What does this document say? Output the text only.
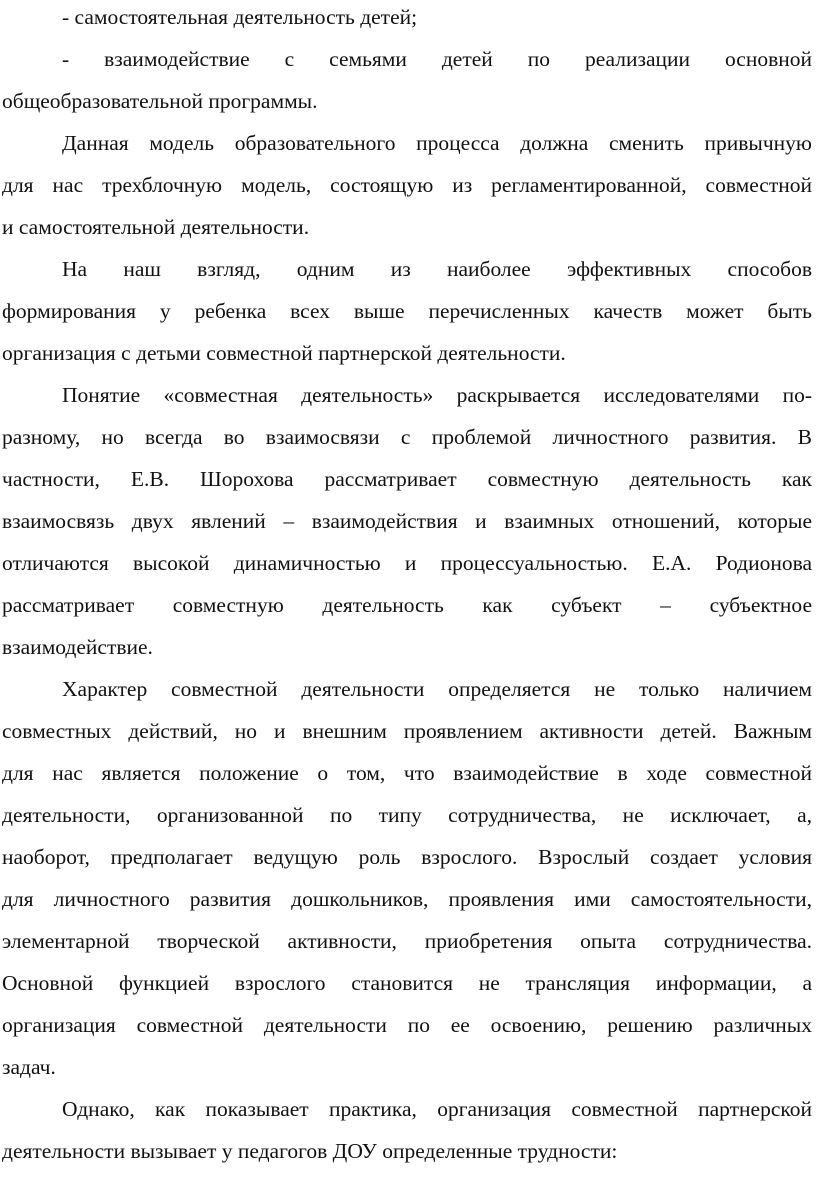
- самостоятельная деятельность детей;
- взаимодействие с семьями детей по реализации основной
общеобразовательной программы.
Данная модель образовательного процесса должна сменить привычную
для нас трехблочную модель, состоящую из регламентированной, совместной
и самостоятельной деятельности.
На наш взгляд, одним из наиболее эффективных способов
формирования у ребенка всех выше перечисленных качеств может быть
организация с детьми совместной партнерской деятельности.
Понятие «совместная деятельность» раскрывается исследователями по-
разному, но всегда во взаимосвязи с проблемой личностного развития. В
частности, Е.В. Шорохова рассматривает совместную деятельность как
взаимосвязь двух явлений – взаимодействия и взаимных отношений, которые
отличаются высокой динамичностью и процессуальностью. Е.А. Родионова
рассматривает совместную деятельность как субъект – субъектное
взаимодействие.
Характер совместной деятельности определяется не только наличием
совместных действий, но и внешним проявлением активности детей. Важным
для нас является положение о том, что взаимодействие в ходе совместной
деятельности, организованной по типу сотрудничества, не исключает, а,
наоборот, предполагает ведущую роль взрослого. Взрослый создает условия
для личностного развития дошкольников, проявления ими самостоятельности,
элементарной творческой активности, приобретения опыта сотрудничества.
Основной функцией взрослого становится не трансляция информации, а
организация совместной деятельности по ее освоению, решению различных
задач.
Однако, как показывает практика, организация совместной партнерской
деятельности вызывает у педагогов ДОУ определенные трудности:
